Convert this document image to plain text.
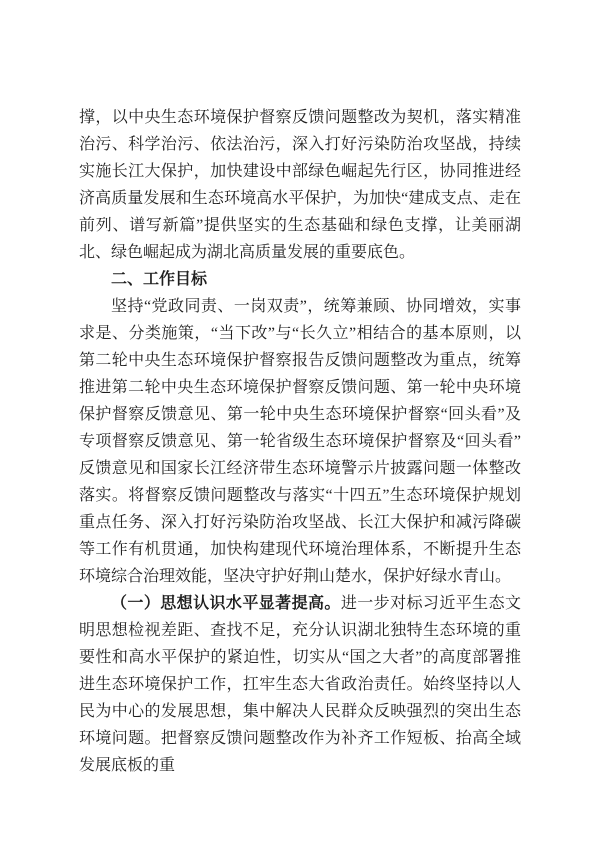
撑，以中央生态环境保护督察反馈问题整改为契机，落实精准治污、科学治污、依法治污，深入打好污染防治攻坚战，持续实施长江大保护，加快建设中部绿色崛起先行区，协同推进经济高质量发展和生态环境高水平保护，为加快“建成支点、走在前列、谱写新篇”提供坚实的生态基础和绿色支撑，让美丽湖北、绿色崛起成为湖北高质量发展的重要底色。

二、工作目标

坚持“党政同责、一岗双责”，统筹兼顾、协同增效，实事求是、分类施策，“当下改”与“长久立”相结合的基本原则，以第二轮中央生态环境保护督察报告反馈问题整改为重点，统筹推进第二轮中央生态环境保护督察反馈问题、第一轮中央环境保护督察反馈意见、第一轮中央生态环境保护督察“回头看”及专项督察反馈意见、第一轮省级生态环境保护督察及“回头看”反馈意见和国家长江经济带生态环境警示片披露问题一体整改落实。将督察反馈问题整改与落实“十四五”生态环境保护规划重点任务、深入打好污染防治攻坚战、长江大保护和减污降碳等工作有机贯通，加快构建现代环境治理体系，不断提升生态环境综合治理效能，坚决守护好荆山楚水，保护好绿水青山。

（一）思想认识水平显著提高。进一步对标习近平生态文明思想检视差距、查找不足，充分认识湖北独特生态环境的重要性和高水平保护的紧迫性，切实从“国之大者”的高度部署推进生态环境保护工作，扛牢生态大省政治责任。始终坚持以人民为中心的发展思想，集中解决人民群众反映强烈的突出生态环境问题。把督察反馈问题整改作为补齐工作短板、抬高全域发展底板的重
